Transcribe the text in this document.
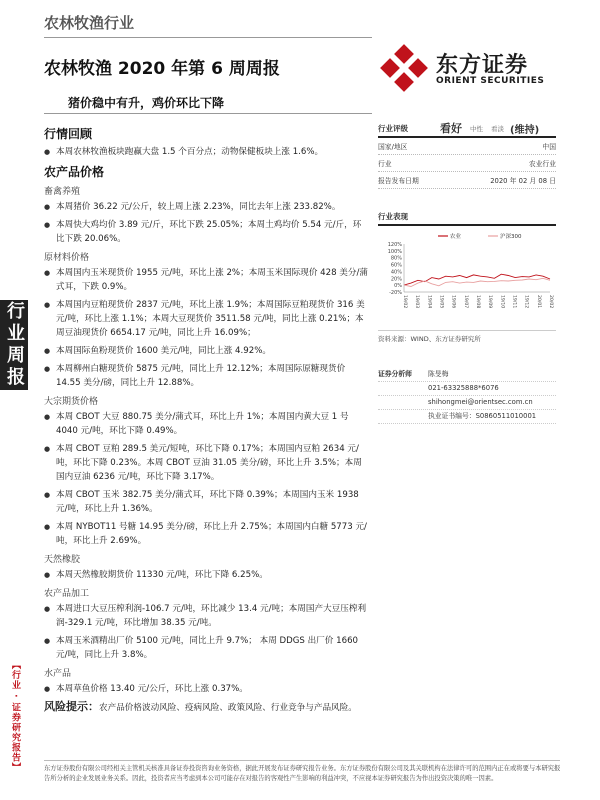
农林牧渔行业
东方证券
ORIENT SECURITIES
农林牧渔 2020 年第 6 周周报
猪价稳中有升，鸡价环比下降
行业周报
【行业 · 证券研究报告】
行情回顾
● 本周农林牧渔板块跑赢大盘 1.5 个百分点；动物保健板块上涨 1.6%。
农产品价格
畜禽养殖
● 本周猪价 36.22 元/公斤，较上周上涨 2.23%，同比去年上涨 233.82%。
● 本周快大鸡均价 3.89 元/斤，环比下跌 25.05%；本周土鸡均价 5.54 元/斤，环比下跌 20.06%。
原材料价格
● 本周国内玉米现货价 1955 元/吨，环比上涨 2%；本周玉米国际现价 428 美分/蒲式耳，下跌 0.9%。
● 本周国内豆粕现货价 2837 元/吨，环比上涨 1.9%；本周国际豆粕现货价 316 美元/吨，环比上涨 1.1%；本周大豆现货价 3511.58 元/吨，同比上涨 0.21%；本周豆油现货价 6654.17 元/吨，同比上升 16.09%；
● 本周国际鱼粉现货价 1600 美元/吨，同比上涨 4.92%。
● 本周柳州白糖现货价 5875 元/吨，同比上升 12.12%；本周国际原糖现货价 14.55 美分/磅，同比上升 12.88%。
大宗期货价格
● 本周 CBOT 大豆 880.75 美分/蒲式耳，环比上升 1%；本周国内黄大豆 1 号 4040 元/吨，环比下降 0.49%。
● 本周 CBOT 豆粕 289.5 美元/短吨，环比下降 0.17%；本周国内豆粕 2634 元/吨，环比下降 0.23%。本周 CBOT 豆油 31.05 美分/磅，环比上升 3.5%；本周国内豆油 6236 元/吨，环比下降 3.17%。
● 本周 CBOT 玉米 382.75 美分/蒲式耳，环比下降 0.39%；本周国内玉米 1938 元/吨，环比上升 1.36%。
● 本周 NYBOT11 号糖 14.95 美分/磅，环比上升 2.75%；本周国内白糖 5773 元/吨，环比上升 2.69%。
天然橡胶
● 本周天然橡胶期货价 11330 元/吨，环比下降 6.25%。
农产品加工
● 本周进口大豆压榨利润-106.7 元/吨，环比减少 13.4 元/吨；本周国产大豆压榨利润-329.1 元/吨，环比增加 38.35 元/吨。
● 本周玉米酒精出厂价 5100 元/吨，同比上升 9.7%； 本周 DDGS 出厂价 1660 元/吨，同比上升 3.8%。
水产品
● 本周草鱼价格 13.40 元/公斤，环比上涨 0.37%。
风险提示：农产品价格波动风险、疫病风险、政策风险、行业竞争与产品风险。
行业评级	看好 中性 看淡 (维持)
国家/地区	中国
行业	农业行业
报告发布日期	2020 年 02 月 08 日
行业表现
-20%
0%
20%
40%
60%
80%
100%
120%
19/02 19/03 19/04 19/05 19/06 19/07 19/08 19/09 19/10 19/11 19/12 20/01 20/02
农业	沪深300
资料来源：WIND、东方证券研究所
证券分析师	陈旻梅
021-63325888*6076
shihongmei@orientsec.com.cn
执业证书编号： S0860511010001
东方证券股份有限公司经相关主管机关核准具备证券投资咨询业务资格，据此开展发布证券研究报告业务。东方证券股份有限公司及其关联机构在法律许可的范围内正在或将要与本研究报告所分析的企业发展业务关系。因此，投资者应当考虑到本公司可能存在对报告的客观性产生影响的利益冲突，不应视本证券研究报告为作出投资决策的唯一因素。
